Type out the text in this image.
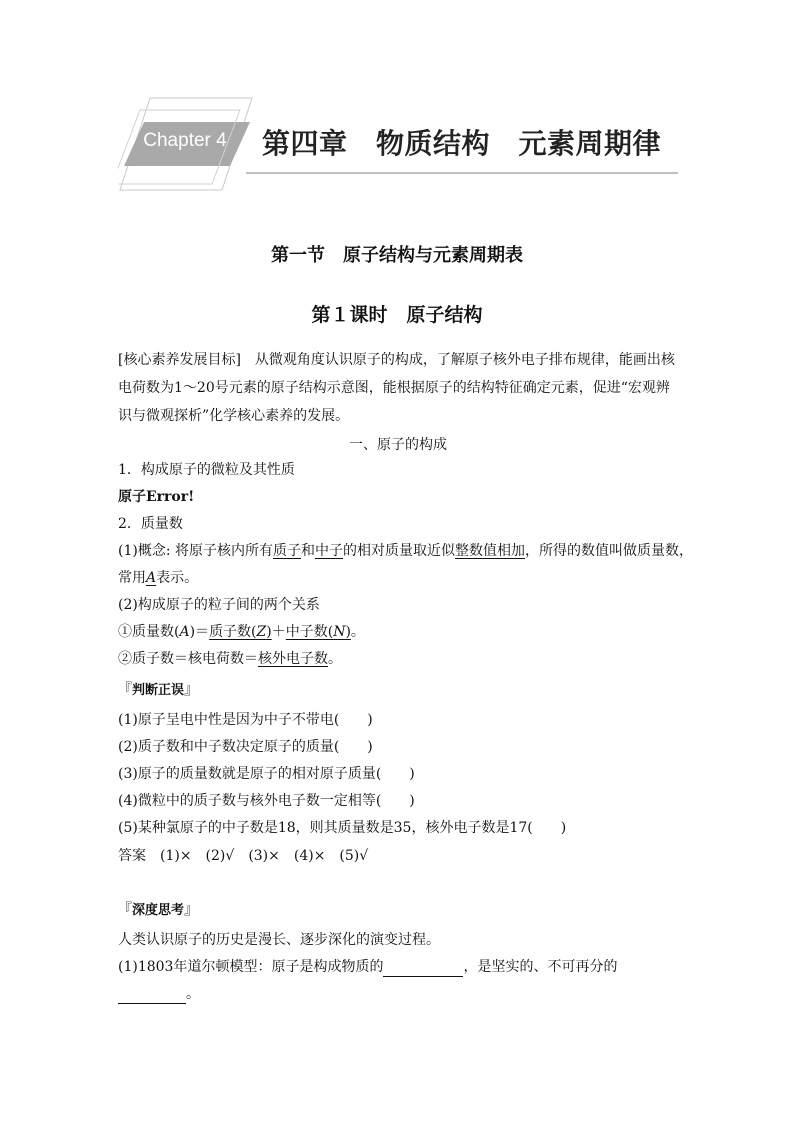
Chapter 4	第四章　物质结构　元素周期律
第一节　原子结构与元素周期表
第１课时　原子结构
[核心素养发展目标]　从微观角度认识原子的构成，了解原子核外电子排布规律，能画出核电荷数为1～20号元素的原子结构示意图，能根据原子的结构特征确定元素，促进“宏观辨识与微观探析”化学核心素养的发展。
一、原子的构成
1．构成原子的微粒及其性质
原子Error!
2．质量数
(1)概念: 将原子核内所有质子和中子的相对质量取近似整数值相加，所得的数值叫做质量数，
常用A表示。
(2)构成原子的粒子间的两个关系
①质量数(A)＝质子数(Z)＋中子数(N)。
②质子数＝核电荷数＝核外电子数。
『判断正误』
(1)原子呈电中性是因为中子不带电(　　)
(2)质子数和中子数决定原子的质量(　　)
(3)原子的质量数就是原子的相对原子质量(　　)
(4)微粒中的质子数与核外电子数一定相等(　　)
(5)某种氯原子的中子数是18，则其质量数是35，核外电子数是17(　　)
答案　(1)×　(2)√　(3)×　(4)×　(5)√
『深度思考』
人类认识原子的历史是漫长、逐步深化的演变过程。
(1)1803年道尔顿模型：原子是构成物质的	，是坚实的、不可再分的
。
